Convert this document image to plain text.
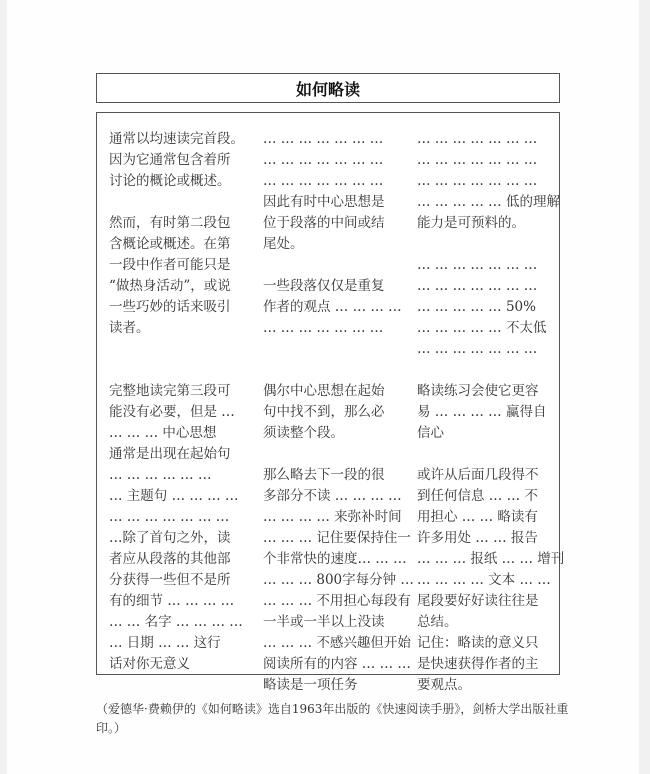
如何略读
通常以均速读完首段。
因为它通常包含着所
讨论的概论或概述。
然而，有时第二段包
含概论或概述。在第
一段中作者可能只是
“做热身活动”，或说
一些巧妙的话来吸引
读者。
完整地读完第三段可
能没有必要，但是 …
… … … 中心思想
通常是出现在起始句
… … … … … …
… 主题句 … … … …
… … … … … … …
…除了首句之外，读
者应从段落的其他部
分获得一些但不是所
有的细节 … … … …
… … 名字 … … … …
… 日期 … … 这行
话对你无意义
… … … … … … …
… … … … … … …
… … … … … … …
因此有时中心思想是
位于段落的中间或结
尾处。
一些段落仅仅是重复
作者的观点 … … … …
… … … … … … …
偶尔中心思想在起始
句中找不到，那么必
须读整个段。
那么略去下一段的很
多部分不读 … … … …
… … … … 来弥补时间
… … … 记住要保持住一
个非常快的速度… … …
… … … 800字每分钟 …
… … … 不用担心每段有
一半或一半以上没读
… … … 不感兴趣但开始
阅读所有的内容 … … …
略读是一项任务
… … … … … … …
… … … … … … …
… … … … … … …
… … … … … 低的理解
能力是可预料的。
… … … … … … …
… … … … … … …
… … … … … 50%
… … … … … 不太低
… … … … … … …
略读练习会使它更容
易 … … … … 赢得自
信心
或许从后面几段得不
到任何信息 … … 不
用担心 … … 略读有
许多用处 … … 报告
… … … 报纸 … … 增刊
… … … … 文本 … …
尾段要好好读往往是
总结。
记住：略读的意义只
是快速获得作者的主
要观点。
（爱德华·费赖伊的《如何略读》选自1963年出版的《快速阅读手册》，剑桥大学出版社重印。）
